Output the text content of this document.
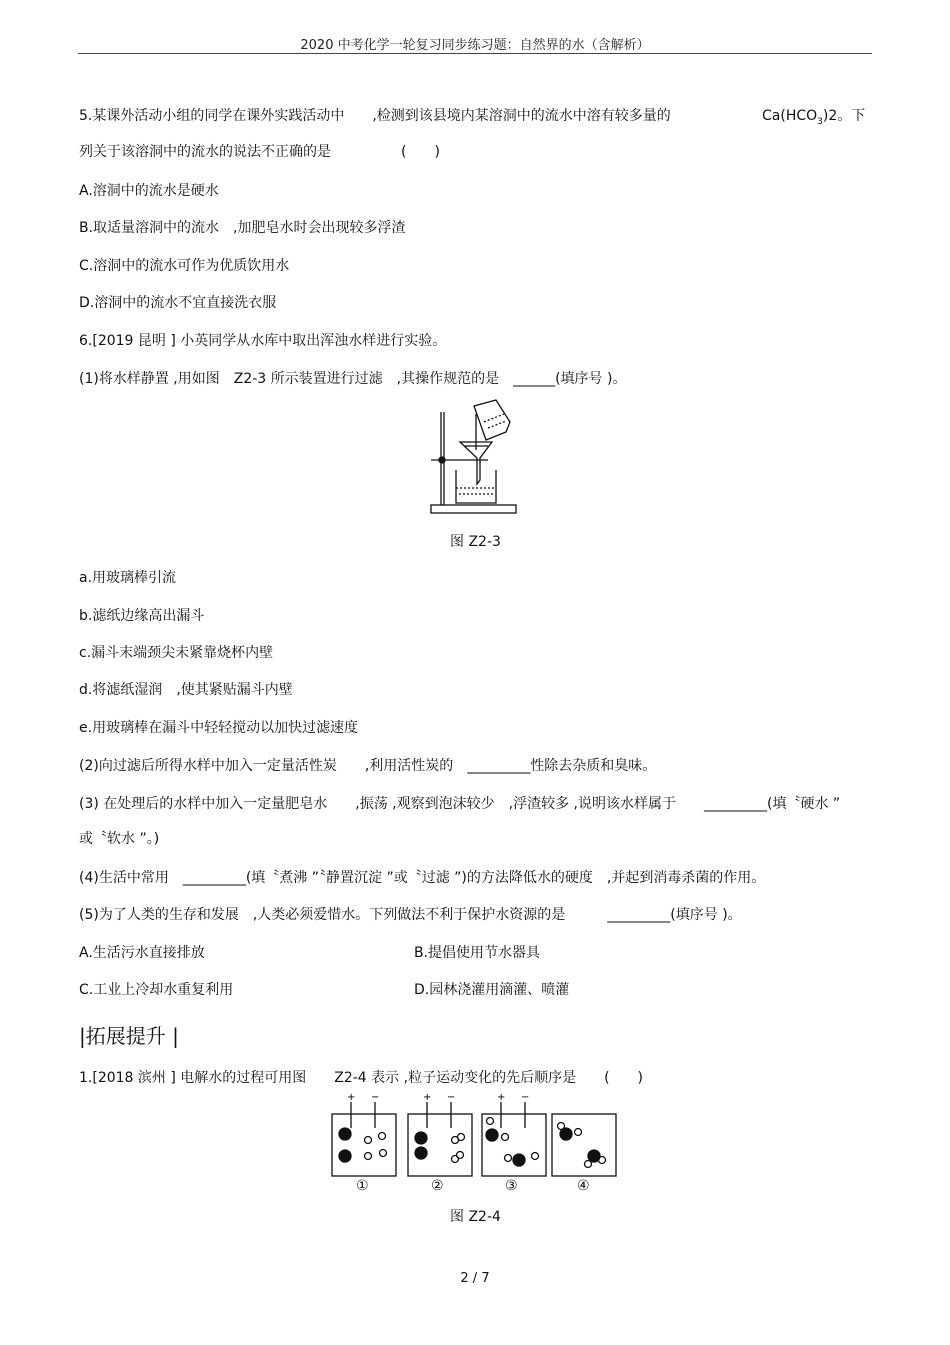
2020 中考化学一轮复习同步练习题：自然界的水（含解析）
5.某课外活动小组的同学在课外实践活动中　　,检测到该县境内某溶洞中的流水中溶有较多量的	$Ca(HCO_3)2$。下
列关于该溶洞中的流水的说法不正确的是　　　　　(　　)
A.溶洞中的流水是硬水
B.取适量溶洞中的流水　,加肥皂水时会出现较多浮渣
C.溶洞中的流水可作为优质饮用水
D.溶洞中的流水不宜直接洗衣服
6.[2019 昆明 ] 小英同学从水库中取出浑浊水样进行实验。
(1)将水样静置 ,用如图　Z2-3 所示装置进行过滤　,其操作规范的是　______(填序号 )。
图 Z2-3
a.用玻璃棒引流
b.滤纸边缘高出漏斗
c.漏斗末端颈尖未紧靠烧杯内壁
d.将滤纸湿润　,使其紧贴漏斗内壁
e.用玻璃棒在漏斗中轻轻搅动以加快过滤速度
(2)向过滤后所得水样中加入一定量活性炭　　,利用活性炭的　_________性除去杂质和臭味。
(3) 在处理后的水样中加入一定量肥皂水　　,振荡 ,观察到泡沫较少　,浮渣较多 ,说明该水样属于　　_________(填〝硬水 ”
或〝软水 ”。)
(4)生活中常用　_________(填〝煮沸 ”〝静置沉淀 ”或〝过滤 ”)的方法降低水的硬度　,并起到消毒杀菌的作用。
(5)为了人类的生存和发展　,人类必须爱惜水。下列做法不利于保护水资源的是　　　_________(填序号 )。
A.生活污水直接排放	B.提倡使用节水器具
C.工业上冷却水重复利用	D.园林浇灌用滴灌、喷灌
|拓展提升 |
1.[2018 滨州 ] 电解水的过程可用图　　Z2-4 表示 ,粒子运动变化的先后顺序是　　(　　)
+ −	+ −	+ −
①	②	③	④
图 Z2-4
2 / 7
